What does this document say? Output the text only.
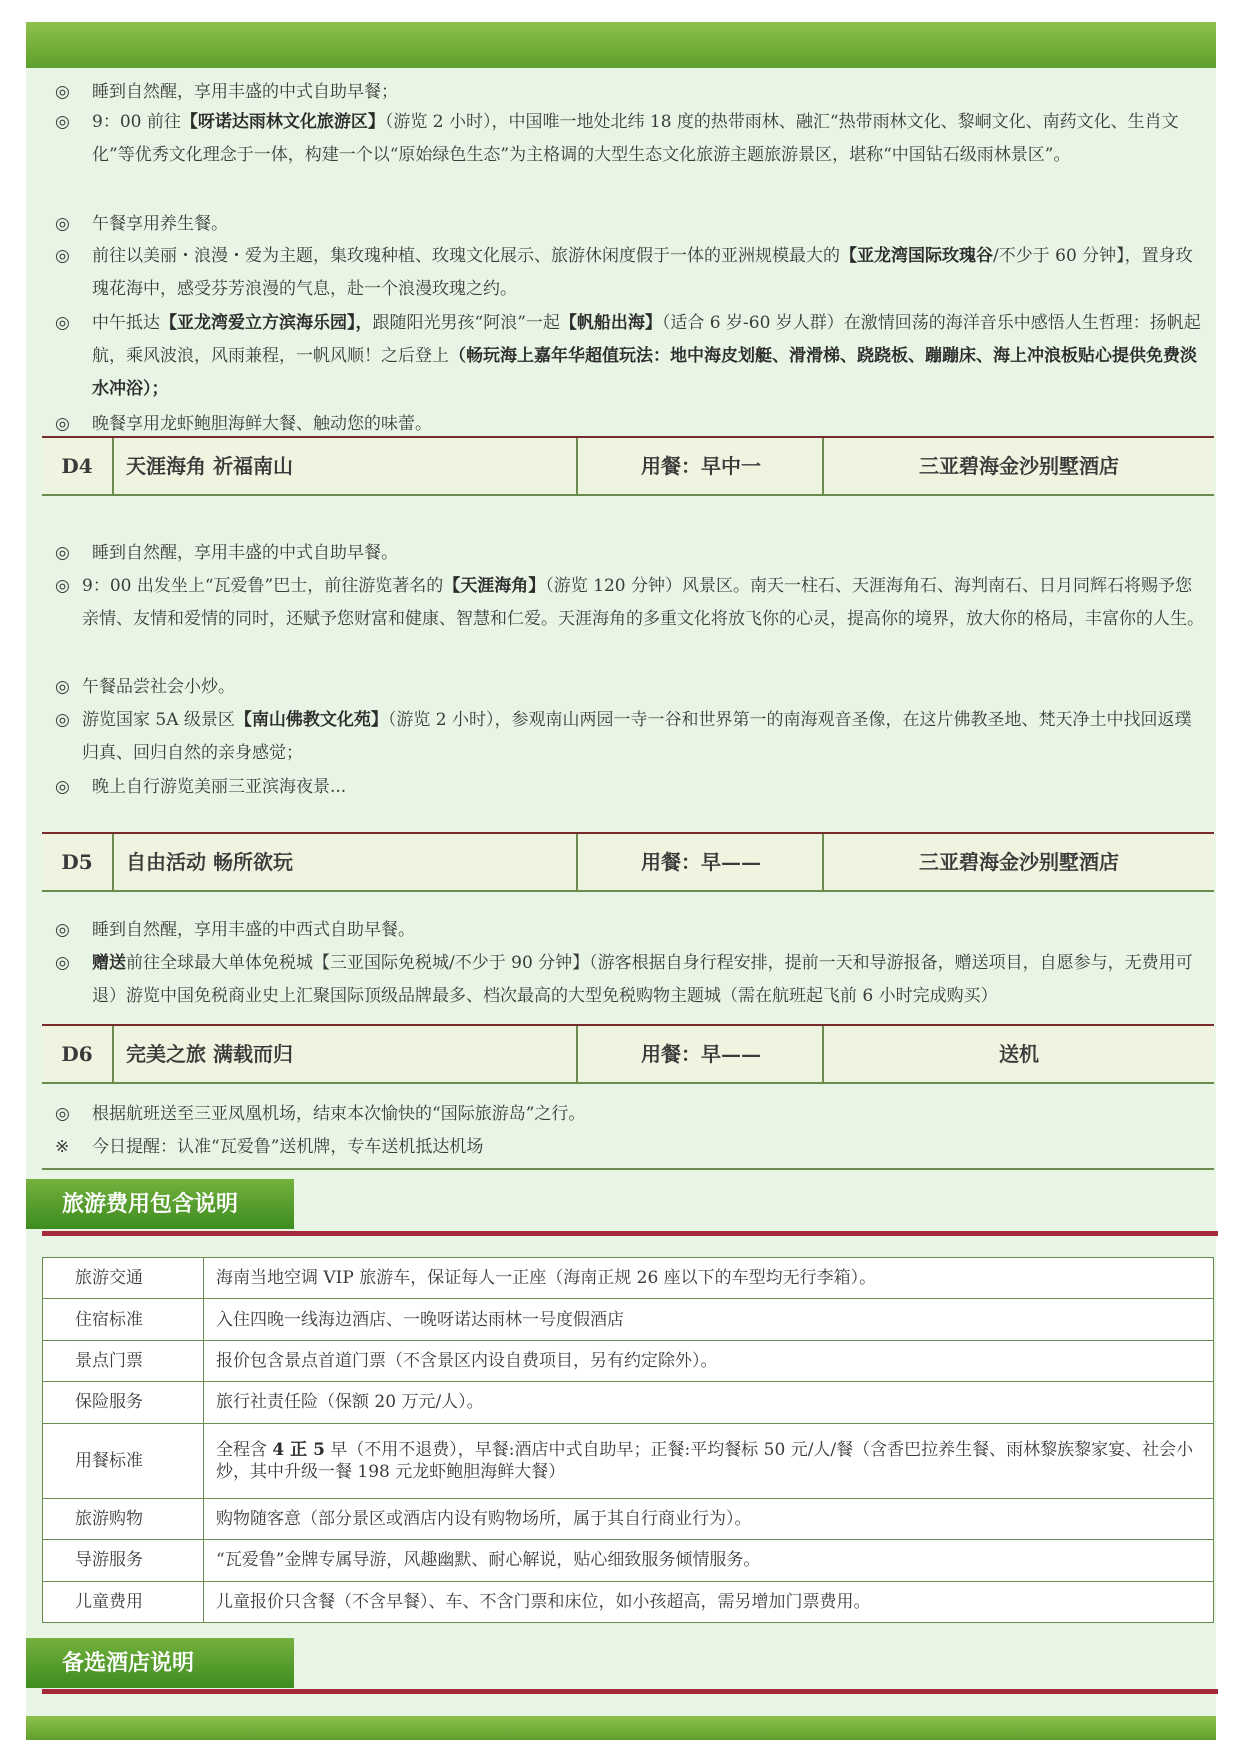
◎	睡到自然醒，享用丰盛的中式自助早餐；
◎	9：00 前往【呀诺达雨林文化旅游区】（游览 2 小时），中国唯一地处北纬 18 度的热带雨林、融汇“热带雨林文化、黎峒文化、南药文化、生肖文化”等优秀文化理念于一体，构建一个以“原始绿色生态”为主格调的大型生态文化旅游主题旅游景区，堪称“中国钻石级雨林景区”。
◎	午餐享用养生餐。
◎	前往以美丽・浪漫・爱为主题，集玫瑰种植、玫瑰文化展示、旅游休闲度假于一体的亚洲规模最大的【亚龙湾国际玫瑰谷/不少于 60 分钟】，置身玫瑰花海中，感受芬芳浪漫的气息，赴一个浪漫玫瑰之约。
◎	中午抵达【亚龙湾爱立方滨海乐园】，跟随阳光男孩“阿浪”一起【帆船出海】（适合 6 岁-60 岁人群）在激情回荡的海洋音乐中感悟人生哲理：扬帆起航，乘风波浪，风雨兼程，一帆风顺！之后登上（畅玩海上嘉年华超值玩法：地中海皮划艇、滑滑梯、跷跷板、蹦蹦床、海上冲浪板贴心提供免费淡水冲浴）；
◎	晚餐享用龙虾鲍胆海鲜大餐、触动您的味蕾。
D4	天涯海角 祈福南山	用餐：早中一	三亚碧海金沙别墅酒店
◎	睡到自然醒，享用丰盛的中式自助早餐。
◎ 9：00 出发坐上“瓦爱鲁”巴士，前往游览著名的【天涯海角】（游览 120 分钟）风景区。南天一柱石、天涯海角石、海判南石、日月同辉石将赐予您亲情、友情和爱情的同时，还赋予您财富和健康、智慧和仁爱。天涯海角的多重文化将放飞你的心灵，提高你的境界，放大你的格局，丰富你的人生。
◎ 午餐品尝社会小炒。
◎ 游览国家 5A 级景区【南山佛教文化苑】（游览 2 小时），参观南山两园一寺一谷和世界第一的南海观音圣像，在这片佛教圣地、梵天净土中找回返璞归真、回归自然的亲身感觉；
◎	晚上自行游览美丽三亚滨海夜景...
D5	自由活动 畅所欲玩	用餐：早——	三亚碧海金沙别墅酒店
◎	睡到自然醒，享用丰盛的中西式自助早餐。
◎	赠送前往全球最大单体免税城【三亚国际免税城/不少于 90 分钟】（游客根据自身行程安排，提前一天和导游报备，赠送项目，自愿参与，无费用可退）游览中国免税商业史上汇聚国际顶级品牌最多、档次最高的大型免税购物主题城（需在航班起飞前 6 小时完成购买）
D6	完美之旅 满载而归	用餐：早——	送机
◎	根据航班送至三亚凤凰机场，结束本次愉快的“国际旅游岛”之行。
※	今日提醒：认准“瓦爱鲁”送机牌，专车送机抵达机场
旅游费用包含说明
旅游交通	海南当地空调 VIP 旅游车，保证每人一正座（海南正规 26 座以下的车型均无行李箱）。
住宿标准	入住四晚一线海边酒店、一晚呀诺达雨林一号度假酒店
景点门票	报价包含景点首道门票（不含景区内设自费项目，另有约定除外）。
保险服务	旅行社责任险（保额 20 万元/人）。
用餐标准	全程含 4 正 5 早（不用不退费），早餐:酒店中式自助早；正餐:平均餐标 50 元/人/餐（含香巴拉养生餐、雨林黎族黎家宴、社会小炒，其中升级一餐 198 元龙虾鲍胆海鲜大餐）
旅游购物	购物随客意（部分景区或酒店内设有购物场所，属于其自行商业行为）。
导游服务	“瓦爱鲁”金牌专属导游，风趣幽默、耐心解说，贴心细致服务倾情服务。
儿童费用	儿童报价只含餐（不含早餐）、车、不含门票和床位，如小孩超高，需另增加门票费用。
备选酒店说明
